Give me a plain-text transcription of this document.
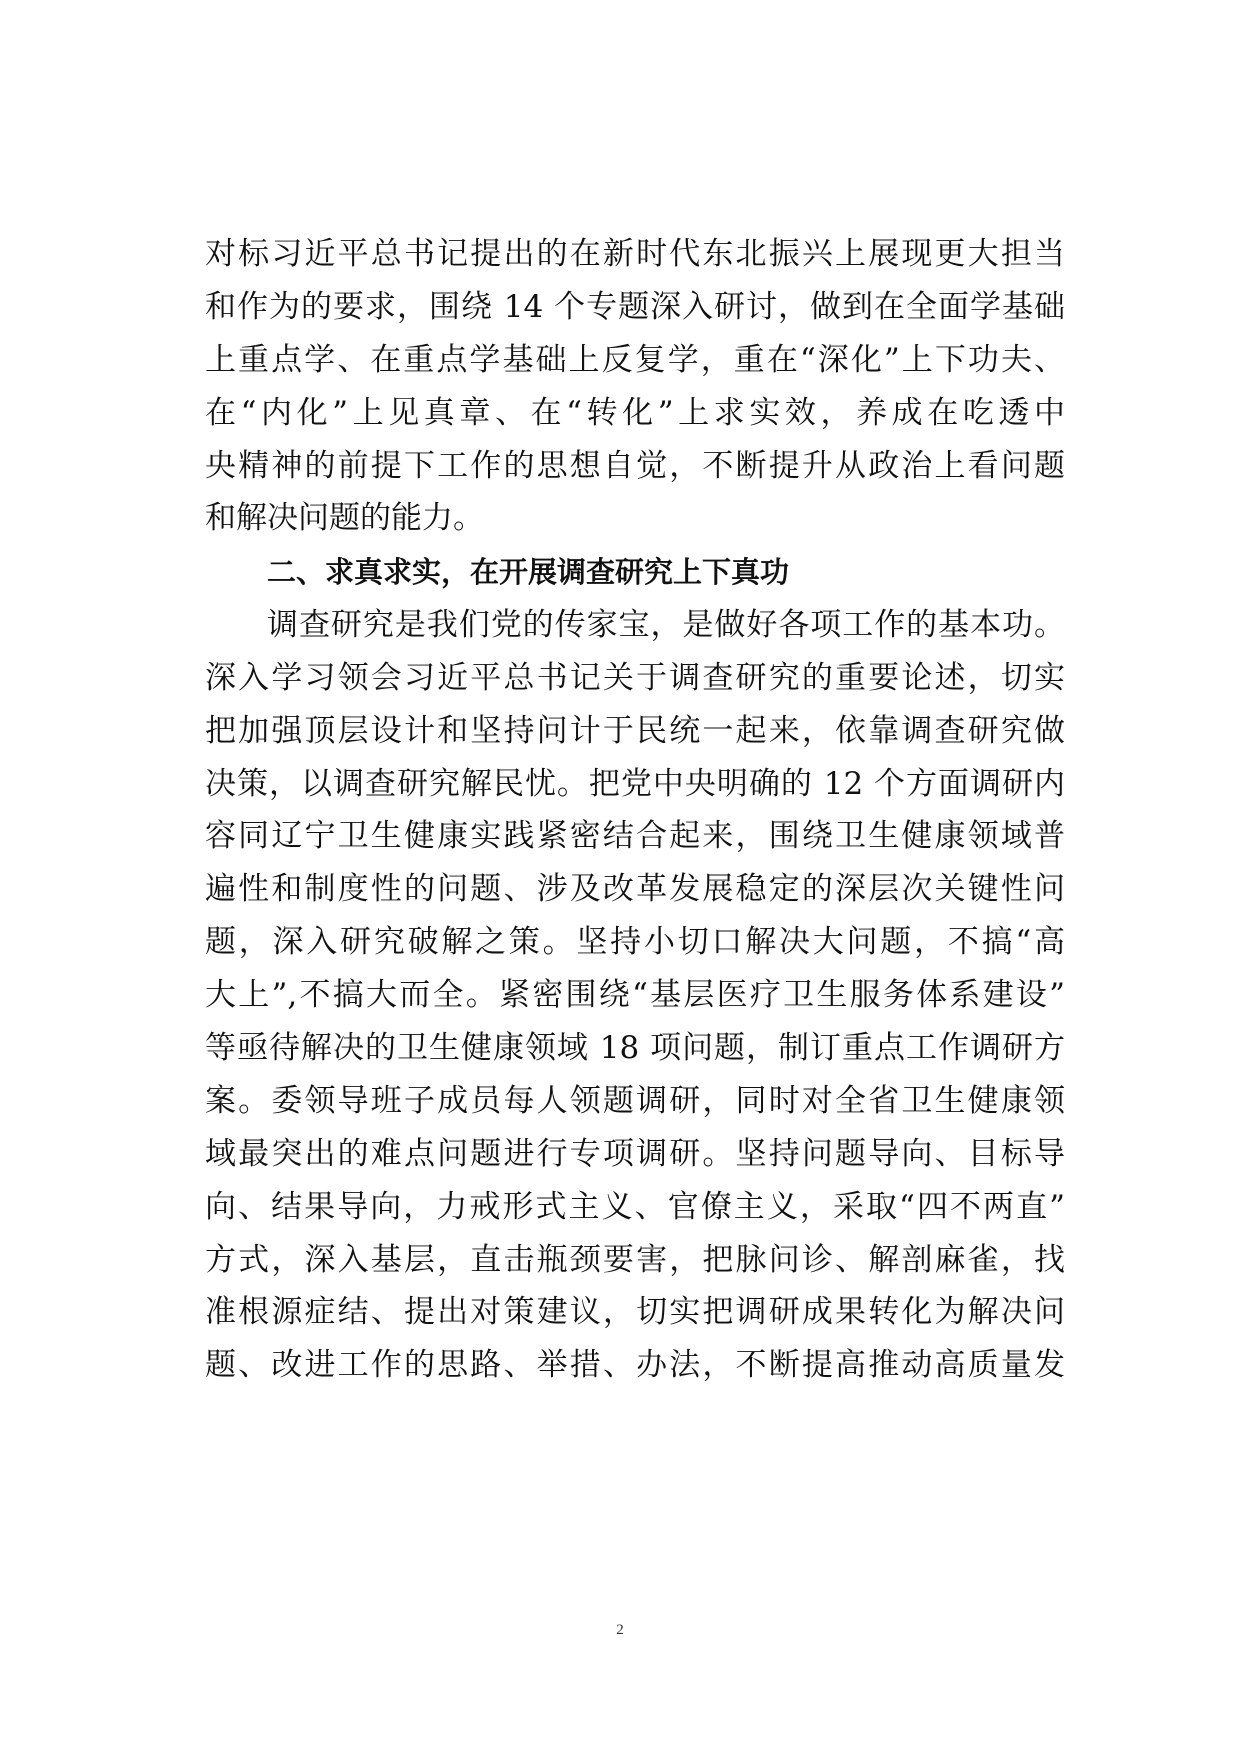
对标习近平总书记提出的在新时代东北振兴上展现更大担当
和作为的要求，围绕 14 个专题深入研讨，做到在全面学基础
上重点学、在重点学基础上反复学，重在“深化”上下功夫、
在“内化”上见真章、在“转化”上求实效，养成在吃透中
央精神的前提下工作的思想自觉，不断提升从政治上看问题
和解决问题的能力。
二、求真求实，在开展调查研究上下真功
调查研究是我们党的传家宝，是做好各项工作的基本功。
深入学习领会习近平总书记关于调查研究的重要论述，切实
把加强顶层设计和坚持问计于民统一起来，依靠调查研究做
决策，以调查研究解民忧。把党中央明确的 12 个方面调研内
容同辽宁卫生健康实践紧密结合起来，围绕卫生健康领域普
遍性和制度性的问题、涉及改革发展稳定的深层次关键性问
题，深入研究破解之策。坚持小切口解决大问题，不搞“高
大上”,不搞大而全。紧密围绕“基层医疗卫生服务体系建设”
等亟待解决的卫生健康领域 18 项问题，制订重点工作调研方
案。委领导班子成员每人领题调研，同时对全省卫生健康领
域最突出的难点问题进行专项调研。坚持问题导向、目标导
向、结果导向，力戒形式主义、官僚主义，采取“四不两直”
方式，深入基层，直击瓶颈要害，把脉问诊、解剖麻雀，找
准根源症结、提出对策建议，切实把调研成果转化为解决问
题、改进工作的思路、举措、办法，不断提高推动高质量发
2
